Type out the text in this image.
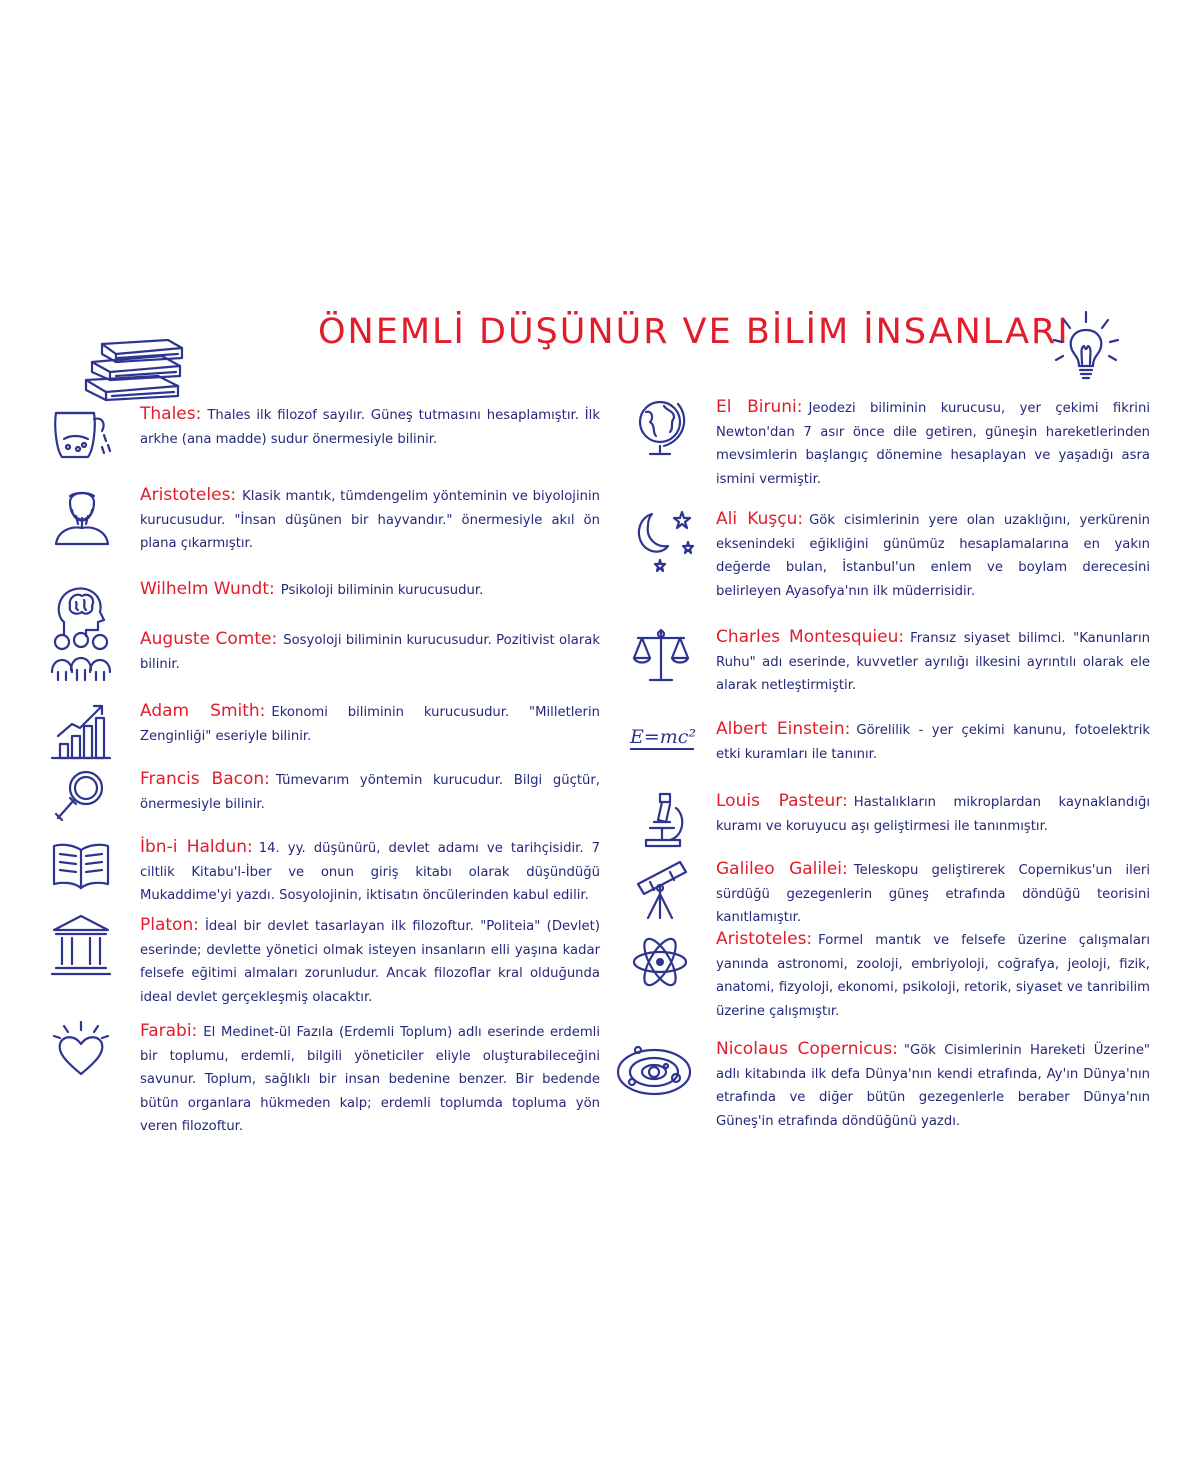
ÖNEMLİ DÜŞÜNÜR VE BİLİM İNSANLARI
Thales: Thales ilk filozof sayılır. Güneş tutmasını hesaplamıştır. İlk arkhe (ana madde) sudur önermesiyle bilinir.
Aristoteles: Klasik mantık, tümdengelim yönteminin ve biyolojinin kurucusudur. "İnsan düşünen bir hayvandır." önermesiyle akıl ön plana çıkarmıştır.
Wilhelm Wundt: Psikoloji biliminin kurucusudur.
Auguste Comte: Sosyoloji biliminin kurucusudur. Pozitivist olarak bilinir.
Adam Smith: Ekonomi biliminin kurucusudur. "Milletlerin Zenginliği" eseriyle bilinir.
Francis Bacon: Tümevarım yöntemin kurucudur. Bilgi güçtür, önermesiyle bilinir.
İbn-i Haldun: 14. yy. düşünürü, devlet adamı ve tarihçisidir. 7 ciltlik Kitabu'l-İber ve onun giriş kitabı olarak düşündüğü Mukaddime'yi yazdı. Sosyolojinin, iktisatın öncülerinden kabul edilir.
Platon: İdeal bir devlet tasarlayan ilk filozoftur. "Politeia" (Devlet) eserinde; devlette yönetici olmak isteyen insanların elli yaşına kadar felsefe eğitimi almaları zorunludur. Ancak filozoflar kral olduğunda ideal devlet gerçekleşmiş olacaktır.
Farabi: El Medinet-ül Fazıla (Erdemli Toplum) adlı eserinde erdemli bir toplumu, erdemli, bilgili yöneticiler eliyle oluşturabileceğini savunur. Toplum, sağlıklı bir insan bedenine benzer. Bir bedende bütün organlara hükmeden kalp; erdemli toplumda topluma yön veren filozoftur.
El Biruni: Jeodezi biliminin kurucusu, yer çekimi fikrini Newton'dan 7 asır önce dile getiren, güneşin hareketlerinden mevsimlerin başlangıç dönemine hesaplayan ve yaşadığı asra ismini vermiştir.
Ali Kuşçu: Gök cisimlerinin yere olan uzaklığını, yerkürenin eksenindeki eğikliğini günümüz hesaplamalarına en yakın değerde bulan, İstanbul'un enlem ve boylam derecesini belirleyen Ayasofya'nın ilk müderrisidir.
Charles Montesquieu: Fransız siyaset bilimci. "Kanunların Ruhu" adı eserinde, kuvvetler ayrılığı ilkesini ayrıntılı olarak ele alarak netleştirmiştir.
E=mc² Albert Einstein: Görelilik - yer çekimi kanunu, fotoelektrik etki kuramları ile tanınır.
Louis Pasteur: Hastalıkların mikroplardan kaynaklandığı kuramı ve koruyucu aşı geliştirmesi ile tanınmıştır.
Galileo Galilei: Teleskopu geliştirerek Copernikus'un ileri sürdüğü gezegenlerin güneş etrafında döndüğü teorisini kanıtlamıştır.
Aristoteles: Formel mantık ve felsefe üzerine çalışmaları yanında astronomi, zooloji, embriyoloji, coğrafya, jeoloji, fizik, anatomi, fizyoloji, ekonomi, psikoloji, retorik, siyaset ve tanribilim üzerine çalışmıştır.
Nicolaus Copernicus: "Gök Cisimlerinin Hareketi Üzerine" adlı kitabında ilk defa Dünya'nın kendi etrafında, Ay'ın Dünya'nın etrafında ve diğer bütün gezegenlerle beraber Dünya'nın Güneş'in etrafında döndüğünü yazdı.
